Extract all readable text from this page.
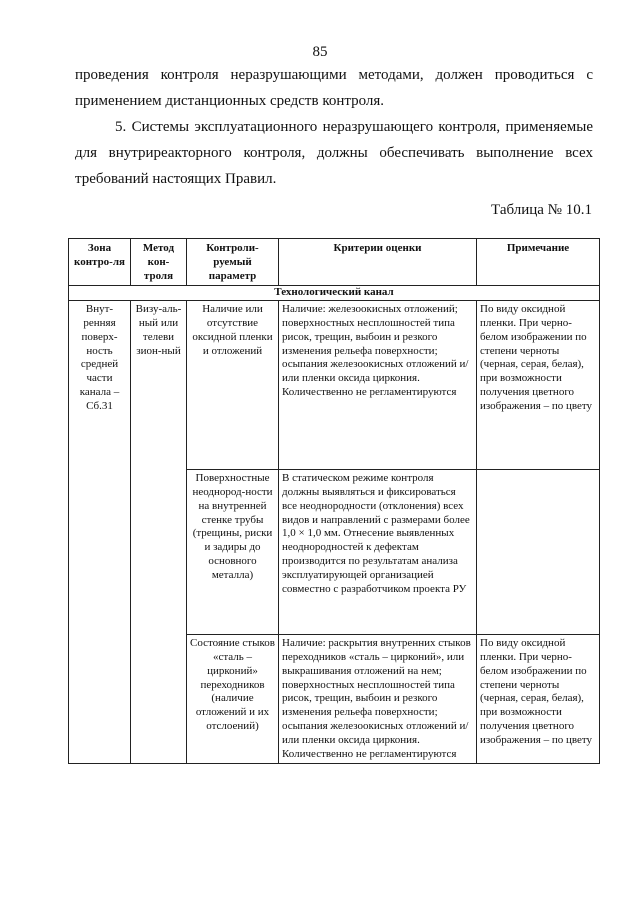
85
проведения контроля неразрушающими методами, должен проводиться с применением дистанционных средств контроля.
5. Системы эксплуатационного неразрушающего контроля, применяемые для внутриреакторного контроля, должны обеспечивать выполнение всех требований настоящих Правил.
Таблица № 10.1
Зона контро-ля	Метод кон-троля	Контроли-руемый параметр	Критерии оценки	Примечание
Технологический канал				
Внут-ренняя поверх-ность средней части канала – Сб.31	Визу-аль-ный или телеви зион-ный	Наличие или отсутствие оксидной пленки и отложений	Наличие: железоокисных отложений; поверхностных несплошностей типа рисок, трещин, выбоин и резкого изменения рельефа поверхности; осыпания железоокисных отложений и/или пленки оксида циркония. Количественно не регламентируются	По виду оксидной пленки. При черно-белом изображении по степени черноты (черная, серая, белая), при возможности получения цветного изображения – по цвету
		Поверхностные неоднород-ности на внутренней стенке трубы (трещины, риски и задиры до основного металла)	В статическом режиме контроля должны выявляться и фиксироваться все неоднородности (отклонения) всех видов и направлений с размерами более 1,0 × 1,0 мм. Отнесение выявленных неоднородностей к дефектам производится по результатам анализа эксплуатирующей организацией совместно с разработчиком проекта РУ	
		Состояние стыков «сталь – цирконий» переходников (наличие отложений и их отслоений)	Наличие: раскрытия внутренних стыков переходников «сталь – цирконий», или выкрашивания отложений на нем; поверхностных несплошностей типа рисок, трещин, выбоин и резкого изменения рельефа поверхности; осыпания железоокисных отложений и/или пленки оксида циркония. Количественно не регламентируются	По виду оксидной пленки. При черно-белом изображении по степени черноты (черная, серая, белая), при возможности получения цветного изображения – по цвету
